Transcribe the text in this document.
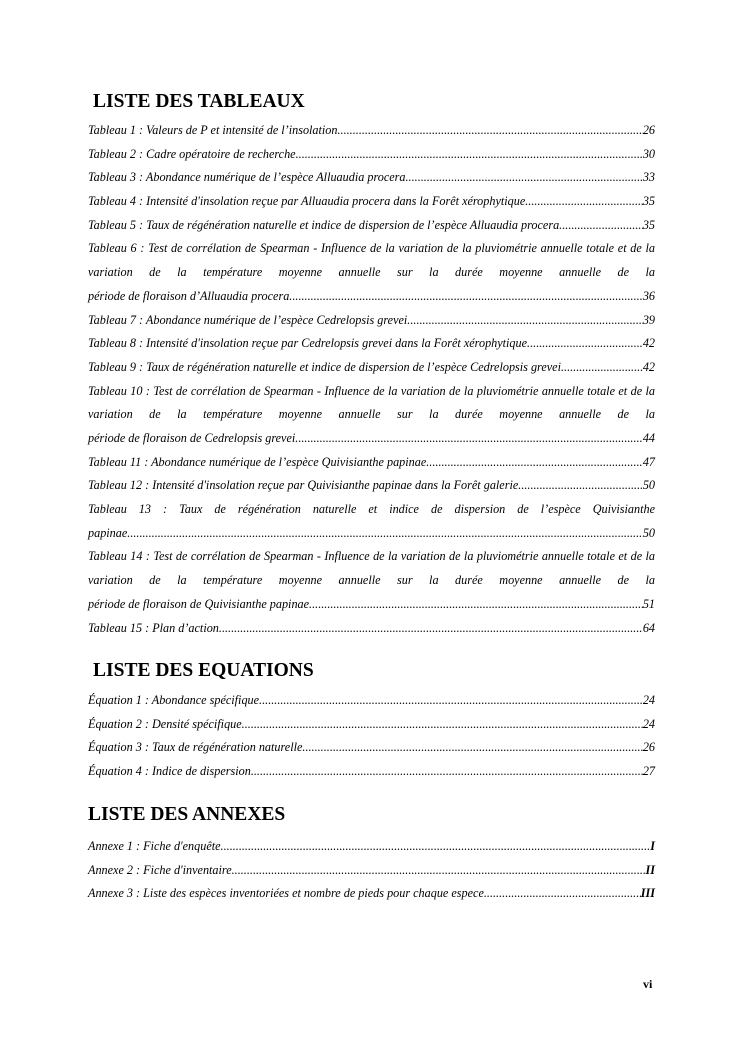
LISTE DES TABLEAUX
Tableau 1 : Valeurs de P et intensité de l’insolation .....	26
Tableau 2 : Cadre opératoire de recherche .....	30
Tableau 3 : Abondance numérique de l’espèce Alluaudia procera .....	33
Tableau 4 : Intensité d'insolation reçue par Alluaudia procera dans la Forêt xérophytique .....	35
Tableau 5 : Taux de régénération naturelle et indice de dispersion de l’espèce Alluaudia procera .....	35
Tableau 6 : Test de corrélation de Spearman - Influence de la variation de la pluviométrie annuelle totale et de la variation de la température moyenne annuelle sur la durée moyenne annuelle de la
période de floraison d’Alluaudia procera .....	36
Tableau 7 : Abondance numérique de l’espèce Cedrelopsis grevei .....	39
Tableau 8 : Intensité d'insolation reçue par Cedrelopsis grevei dans la Forêt xérophytique .....	42
Tableau 9 : Taux de régénération naturelle et indice de dispersion de l’espèce Cedrelopsis grevei .....	42
Tableau 10 : Test de corrélation de Spearman - Influence de la variation de la pluviométrie annuelle totale et de la variation de la température moyenne annuelle sur la durée moyenne annuelle de la
période de floraison de Cedrelopsis grevei .....	44
Tableau 11 : Abondance numérique de l’espèce Quivisianthe papinae .....	47
Tableau 12 : Intensité d'insolation reçue par Quivisianthe papinae dans la Forêt galerie .....	50
Tableau 13 : Taux de régénération naturelle et indice de dispersion de l’espèce Quivisianthe
papinae .....	50
Tableau 14 : Test de corrélation de Spearman - Influence de la variation de la pluviométrie annuelle totale et de la variation de la température moyenne annuelle sur la durée moyenne annuelle de la
période de floraison de Quivisianthe papinae .....	51
Tableau 15 : Plan d’action .....	64
LISTE DES EQUATIONS
Équation 1 : Abondance spécifique .....	24
Équation 2 : Densité spécifique .....	24
Équation 3 : Taux de régénération naturelle .....	26
Équation 4 : Indice de dispersion .....	27
LISTE DES ANNEXES
Annexe 1 : Fiche d'enquête .....	I
Annexe 2 : Fiche d'inventaire .....	II
Annexe 3 : Liste des espèces inventoriées et nombre de pieds pour chaque espece .....	III
vi
